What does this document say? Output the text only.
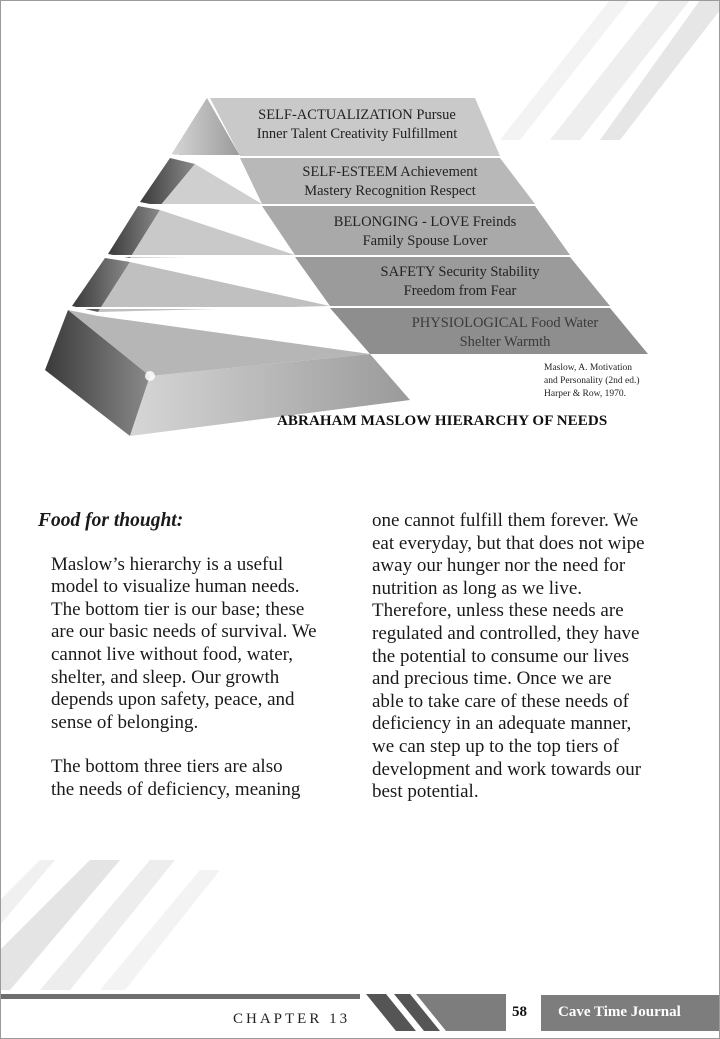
SELF-ACTUALIZATION Pursue
Inner Talent Creativity Fulfillment
SELF-ESTEEM Achievement
Mastery Recognition Respect
BELONGING - LOVE Freinds
Family Spouse Lover
SAFETY Security Stability
Freedom from Fear
PHYSIOLOGICAL Food Water
Shelter Warmth
Maslow, A. Motivation
and Personality (2nd ed.)
Harper & Row, 1970.
ABRAHAM MASLOW HIERARCHY OF NEEDS
Food for thought:
Maslow’s hierarchy is a useful
model to visualize human needs.
The bottom tier is our base; these
are our basic needs of survival. We
cannot live without food, water,
shelter, and sleep. Our growth
depends upon safety, peace, and
sense of belonging.
The bottom three tiers are also
the needs of deficiency, meaning
one cannot fulfill them forever. We
eat everyday, but that does not wipe
away our hunger nor the need for
nutrition as long as we live.
Therefore, unless these needs are
regulated and controlled, they have
the potential to consume our lives
and precious time. Once we are
able to take care of these needs of
deficiency in an adequate manner,
we can step up to the top tiers of
development and work towards our
best potential.
CHAPTER 13	58 Cave Time Journal
